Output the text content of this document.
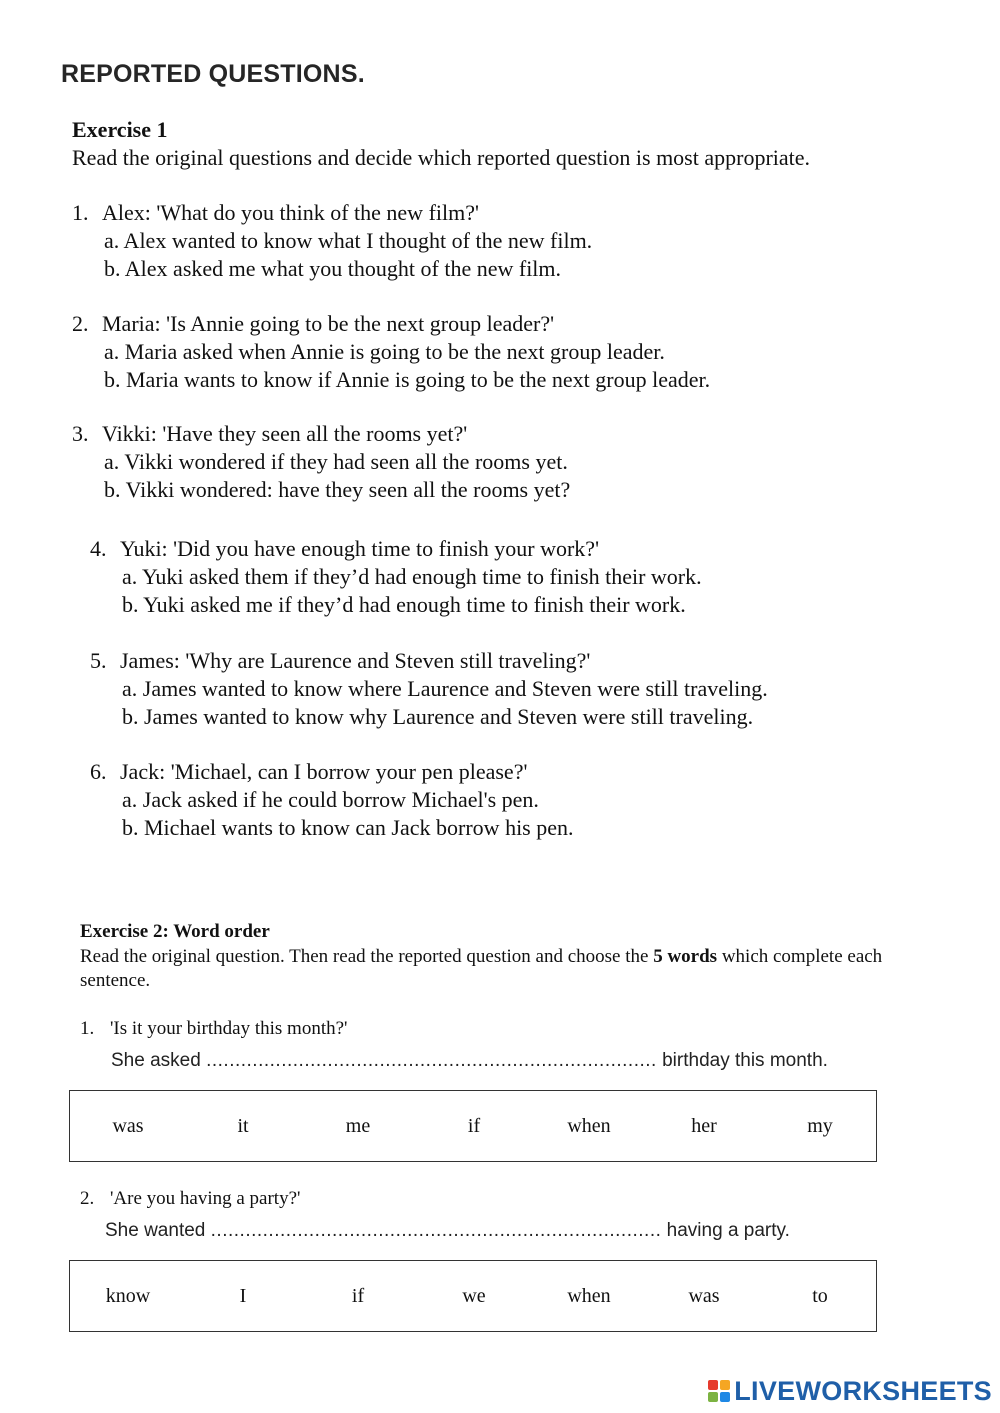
REPORTED QUESTIONS.
Exercise 1
Read the original questions and decide which reported question is most appropriate.
1. Alex: 'What do you think of the new film?'
a. Alex wanted to know what I thought of the new film.
b. Alex asked me what you thought of the new film.
2. Maria: 'Is Annie going to be the next group leader?'
a. Maria asked when Annie is going to be the next group leader.
b. Maria wants to know if Annie is going to be the next group leader.
3. Vikki: 'Have they seen all the rooms yet?'
a. Vikki wondered if they had seen all the rooms yet.
b. Vikki wondered: have they seen all the rooms yet?
4. Yuki: 'Did you have enough time to finish your work?'
a. Yuki asked them if they’d had enough time to finish their work.
b. Yuki asked me if they’d had enough time to finish their work.
5. James: 'Why are Laurence and Steven still traveling?'
a. James wanted to know where Laurence and Steven were still traveling.
b. James wanted to know why Laurence and Steven were still traveling.
6. Jack: 'Michael, can I borrow your pen please?'
a. Jack asked if he could borrow Michael's pen.
b. Michael wants to know can Jack borrow his pen.
Exercise 2: Word order
Read the original question. Then read the reported question and choose the 5 words which complete each sentence.
1. 'Is it your birthday this month?'
She asked .............................................................................. birthday this month.
was	it	me	if	when	her	my
2. 'Are you having a party?'
She wanted .............................................................................. having a party.
know	I	if	we	when	was	to
LIVEWORKSHEETS
